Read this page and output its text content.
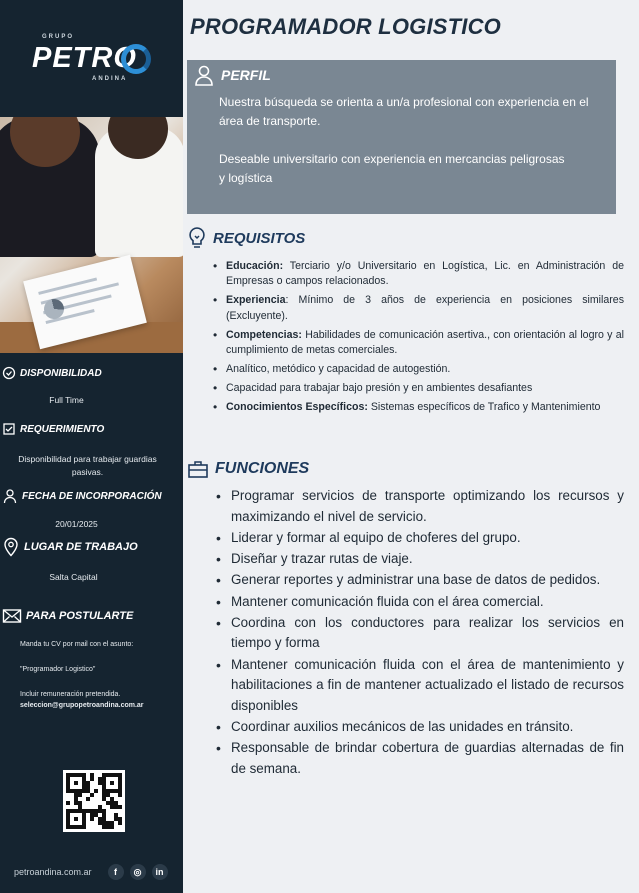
GRUPO
PETRO
ANDINA
DISPONIBILIDAD
Full Time
REQUERIMIENTO
Disponibilidad para trabajar guardias pasivas.
FECHA DE INCORPORACIÓN
20/01/2025
LUGAR DE TRABAJO
Salta Capital
PARA POSTULARTE
Manda tu CV por mail con el asunto:
"Programador Logistico"
Incluir remuneración pretendida.
seleccion@grupopetroandina.com.ar
petroandina.com.ar	f	◎	in
PROGRAMADOR LOGISTICO
PERFIL

Nuestra búsqueda se orienta a un/a profesional con experiencia en el área de transporte.

Deseable universitario con experiencia en mercancias peligrosas y logística

REQUISITOS
• Educación: Terciario y/o Universitario en Logística, Lic. en Administración de Empresas o campos relacionados.
• Experiencia: Mínimo de 3 años de experiencia en posiciones similares (Excluyente).
• Competencias: Habilidades de comunicación asertiva., con orientación al logro y al cumplimiento de metas comerciales.
• Analítico, metódico y capacidad de autogestión.
• Capacidad para trabajar bajo presión y en ambientes desafiantes
• Conocimientos Específicos: Sistemas específicos de Trafico y Mantenimiento
FUNCIONES
• Programar servicios de transporte optimizando los recursos y maximizando el nivel de servicio.
• Liderar y formar al equipo de choferes del grupo.
• Diseñar y trazar rutas de viaje.
• Generar reportes y administrar una base de datos de pedidos.
• Mantener comunicación fluida con el área comercial.
• Coordina con los conductores para realizar los servicios en tiempo y forma
• Mantener comunicación fluida con el área de mantenimiento y habilitaciones a fin de mantener actualizado el listado de recursos disponibles
• Coordinar auxilios mecánicos de las unidades en tránsito.
• Responsable de brindar cobertura de guardias alternadas de fin de semana.
